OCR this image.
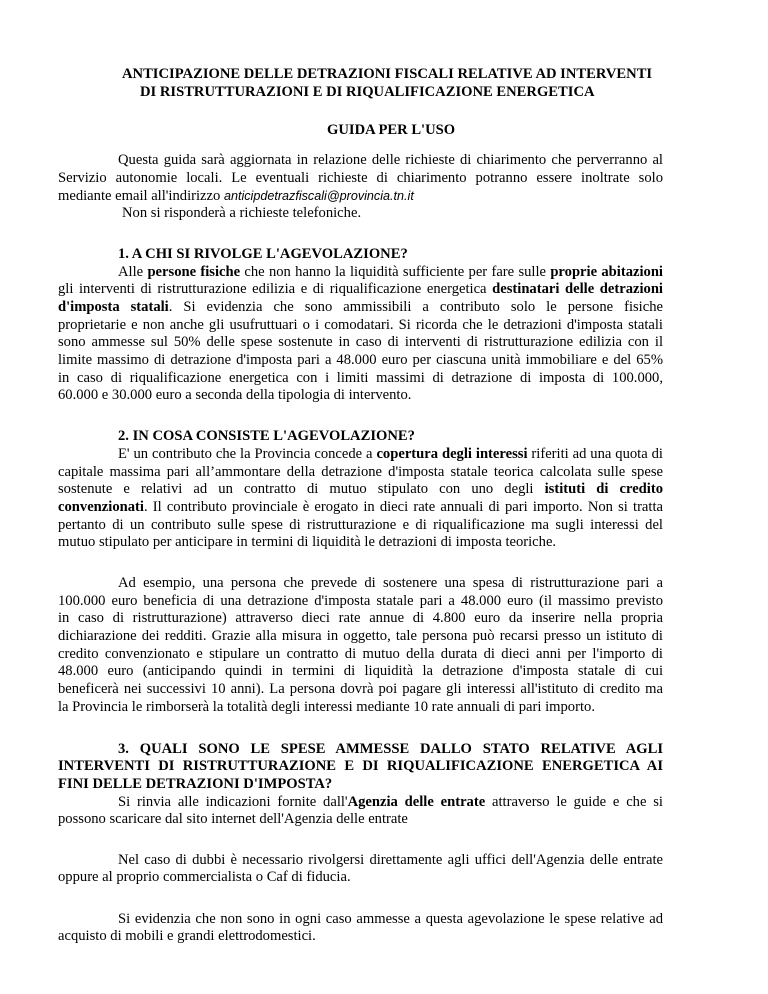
ANTICIPAZIONE DELLE DETRAZIONI FISCALI RELATIVE AD INTERVENTI

DI RISTRUTTURAZIONI E DI RIQUALIFICAZIONE ENERGETICA

GUIDA PER L'USO

Questa guida sarà aggiornata in relazione delle richieste di chiarimento che perverranno al

Servizio autonomie locali. Le eventuali richieste di chiarimento potranno essere inoltrate solo

mediante email all'indirizzo anticipdetrazfiscali@provincia.tn.it

Non si risponderà a richieste telefoniche.

1. A CHI SI RIVOLGE L'AGEVOLAZIONE?

Alle persone fisiche che non hanno la liquidità sufficiente per fare sulle proprie abitazioni

gli interventi di ristrutturazione edilizia e di riqualificazione energetica destinatari delle detrazioni

d'imposta statali. Si evidenzia che sono ammissibili a contributo solo le persone fisiche

proprietarie e non anche gli usufruttuari o i comodatari. Si ricorda che le detrazioni d'imposta statali

sono ammesse sul 50% delle spese sostenute in caso di interventi di ristrutturazione edilizia con il

limite massimo di detrazione d'imposta pari a 48.000 euro per ciascuna unità immobiliare e del 65%

in caso di riqualificazione energetica con i limiti massimi di detrazione di imposta di 100.000,

60.000 e 30.000 euro a seconda della tipologia di intervento.

2. IN COSA CONSISTE L'AGEVOLAZIONE?

E' un contributo che la Provincia concede a copertura degli interessi riferiti ad una quota di

capitale massima pari all’ammontare della detrazione d'imposta statale teorica calcolata sulle spese

sostenute e relativi ad un contratto di mutuo stipulato con uno degli istituti di credito

convenzionati. Il contributo provinciale è erogato in dieci rate annuali di pari importo. Non si tratta

pertanto di un contributo sulle spese di ristrutturazione e di riqualificazione ma sugli interessi del

mutuo stipulato per anticipare in termini di liquidità le detrazioni di imposta teoriche.

Ad esempio, una persona che prevede di sostenere una spesa di ristrutturazione pari a

100.000 euro beneficia di una detrazione d'imposta statale pari a 48.000 euro (il massimo previsto

in caso di ristrutturazione) attraverso dieci rate annue di 4.800 euro da inserire nella propria

dichiarazione dei redditi. Grazie alla misura in oggetto, tale persona può recarsi presso un istituto di

credito convenzionato e stipulare un contratto di mutuo della durata di dieci anni per l'importo di

48.000 euro (anticipando quindi in termini di liquidità la detrazione d'imposta statale di cui

beneficerà nei successivi 10 anni). La persona dovrà poi pagare gli interessi all'istituto di credito ma

la Provincia le rimborserà la totalità degli interessi mediante 10 rate annuali di pari importo.

3. QUALI SONO LE SPESE AMMESSE DALLO STATO RELATIVE AGLI

INTERVENTI DI RISTRUTTURAZIONE E DI RIQUALIFICAZIONE ENERGETICA AI

FINI DELLE DETRAZIONI D'IMPOSTA?

Si rinvia alle indicazioni fornite dall'Agenzia delle entrate attraverso le guide e che si

possono scaricare dal sito internet dell'Agenzia delle entrate

Nel caso di dubbi è necessario rivolgersi direttamente agli uffici dell'Agenzia delle entrate

oppure al proprio commercialista o Caf di fiducia.

Si evidenzia che non sono in ogni caso ammesse a questa agevolazione le spese relative ad

acquisto di mobili e grandi elettrodomestici.
